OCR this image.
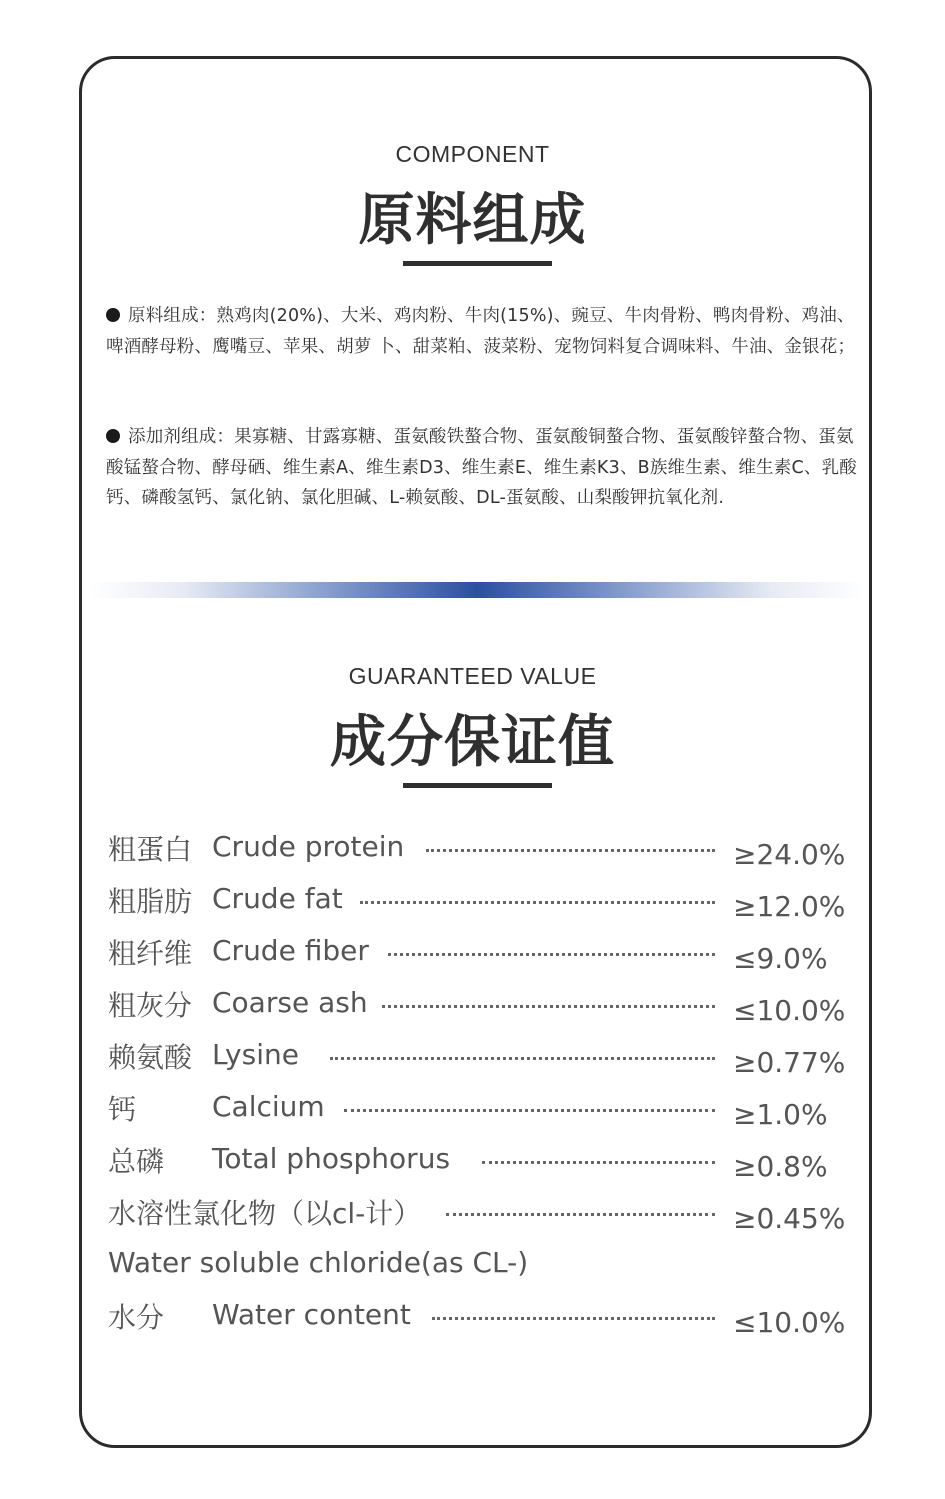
COMPONENT
原料组成
原料组成：熟鸡肉(20%)、大米、鸡肉粉、牛肉(15%)、豌豆、牛肉骨粉、鸭肉骨粉、鸡油、啤酒酵母粉、鹰嘴豆、苹果、胡萝 卜、甜菜粕、菠菜粉、宠物饲料复合调味料、牛油、金银花；
添加剂组成：果寡糖、甘露寡糖、蛋氨酸铁螯合物、蛋氨酸铜螯合物、蛋氨酸锌螯合物、蛋氨酸锰螯合物、酵母硒、维生素A、维生素D3、维生素E、维生素K3、B族维生素、维生素C、乳酸钙、磷酸氢钙、氯化钠、氯化胆碱、L-赖氨酸、DL-蛋氨酸、山梨酸钾抗氧化剂.
GUARANTEED VALUE
成分保证值
粗蛋白 Crude protein	≥24.0%
粗脂肪 Crude fat	≥12.0%
粗纤维 Crude fiber	≤9.0%
粗灰分 Coarse ash	≤10.0%
赖氨酸 Lysine	≥0.77%
钙	Calcium	≥1.0%
总磷 Total phosphorus	≥0.8%
水溶性氯化物（以cl-计）	≥0.45%
Water soluble chloride(as CL-)
水分 Water content	≤10.0%
